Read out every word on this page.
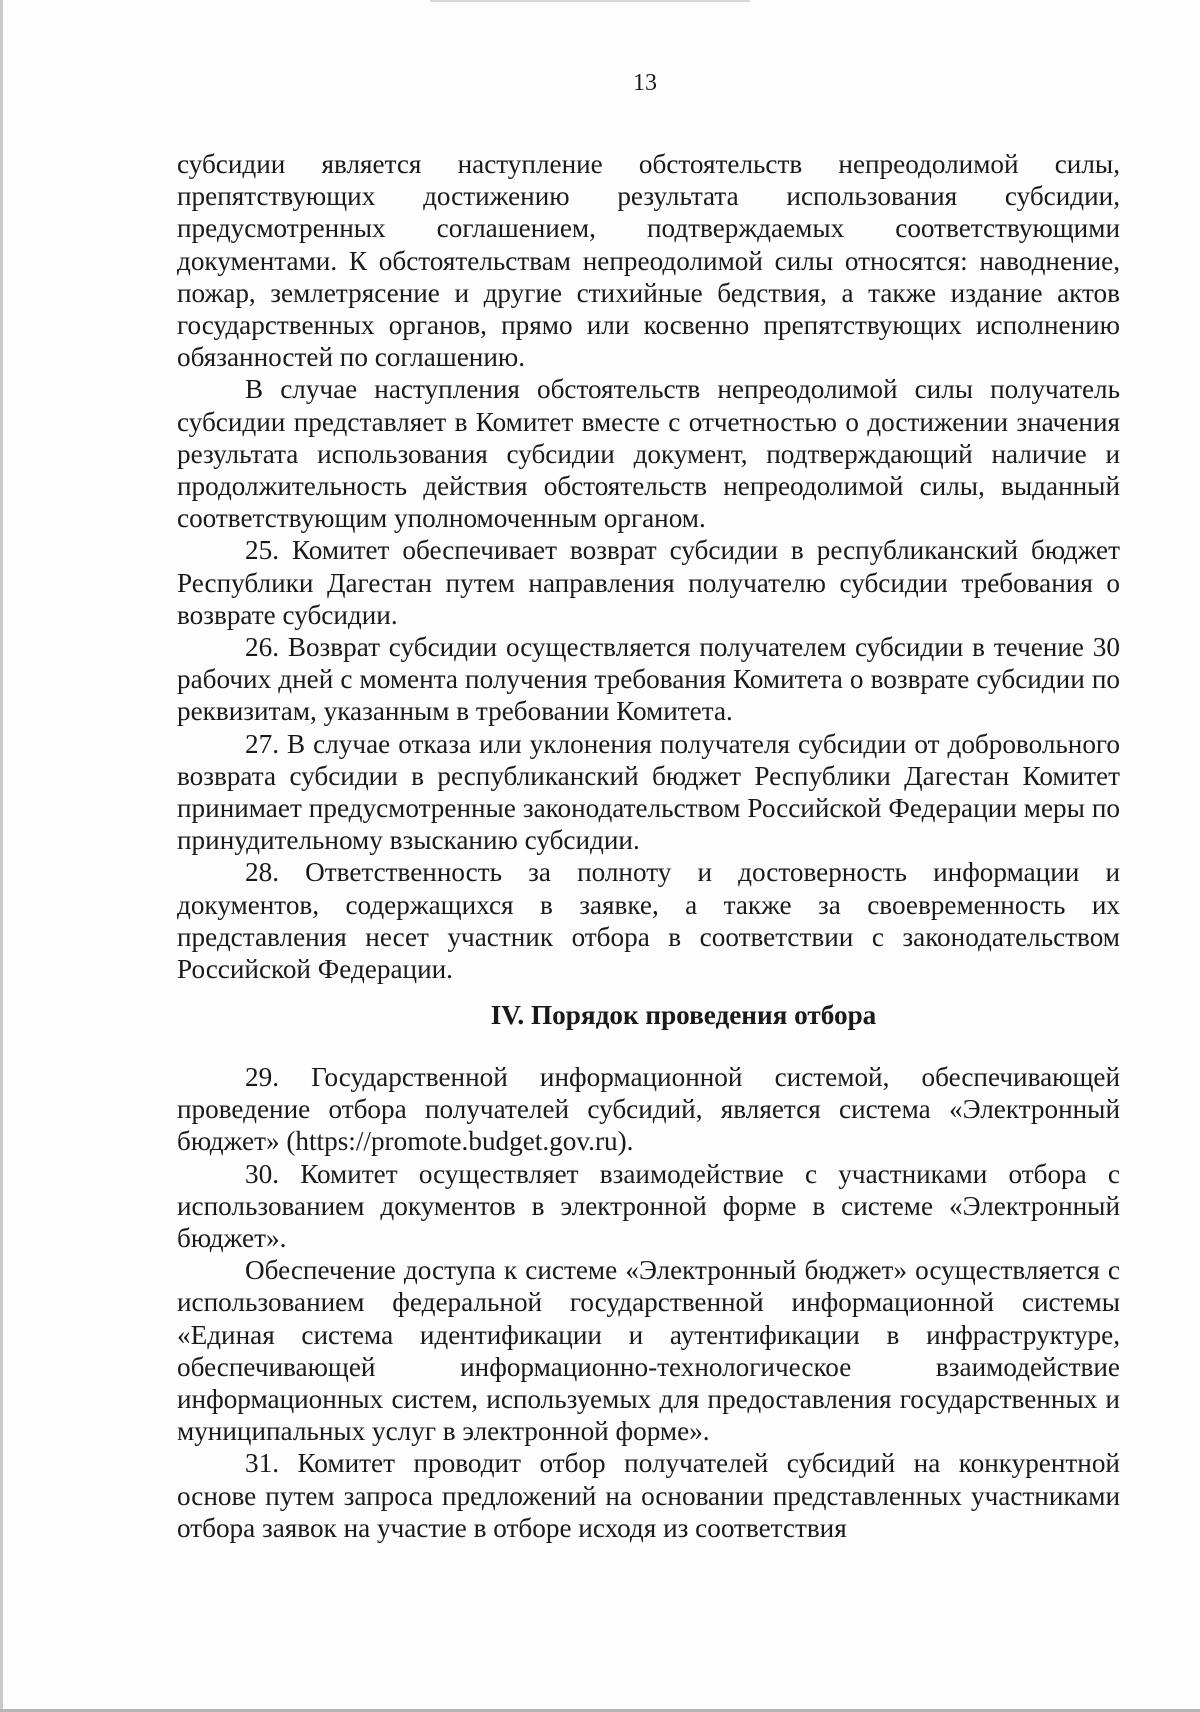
13

субсидии является наступление обстоятельств непреодолимой силы, препятствующих достижению результата использования субсидии, предусмотренных соглашением, подтверждаемых соответствующими документами. К обстоятельствам непреодолимой силы относятся: наводнение, пожар, землетрясение и другие стихийные бедствия, а также издание актов государственных органов, прямо или косвенно препятствующих исполнению обязанностей по соглашению.

В случае наступления обстоятельств непреодолимой силы получатель субсидии представляет в Комитет вместе с отчетностью о достижении значения результата использования субсидии документ, подтверждающий наличие и продолжительность действия обстоятельств непреодолимой силы, выданный соответствующим уполномоченным органом.

25. Комитет обеспечивает возврат субсидии в республиканский бюджет Республики Дагестан путем направления получателю субсидии требования о возврате субсидии.

26. Возврат субсидии осуществляется получателем субсидии в течение 30 рабочих дней с момента получения требования Комитета о возврате субсидии по реквизитам, указанным в требовании Комитета.

27. В случае отказа или уклонения получателя субсидии от добровольного возврата субсидии в республиканский бюджет Республики Дагестан Комитет принимает предусмотренные законодательством Российской Федерации меры по принудительному взысканию субсидии.

28. Ответственность за полноту и достоверность информации и документов, содержащихся в заявке, а также за своевременность их представления несет участник отбора в соответствии с законодательством Российской Федерации.

IV. Порядок проведения отбора

29. Государственной информационной системой, обеспечивающей проведение отбора получателей субсидий, является система «Электронный бюджет» (https://promote.budget.gov.ru).

30. Комитет осуществляет взаимодействие с участниками отбора с использованием документов в электронной форме в системе «Электронный бюджет».

Обеспечение доступа к системе «Электронный бюджет» осуществляется с использованием федеральной государственной информационной системы «Единая система идентификации и аутентификации в инфраструктуре, обеспечивающей информационно-технологическое взаимодействие информационных систем, используемых для предоставления государственных и муниципальных услуг в электронной форме».

31. Комитет проводит отбор получателей субсидий на конкурентной основе путем запроса предложений на основании представленных участниками отбора заявок на участие в отборе исходя из соответствия
